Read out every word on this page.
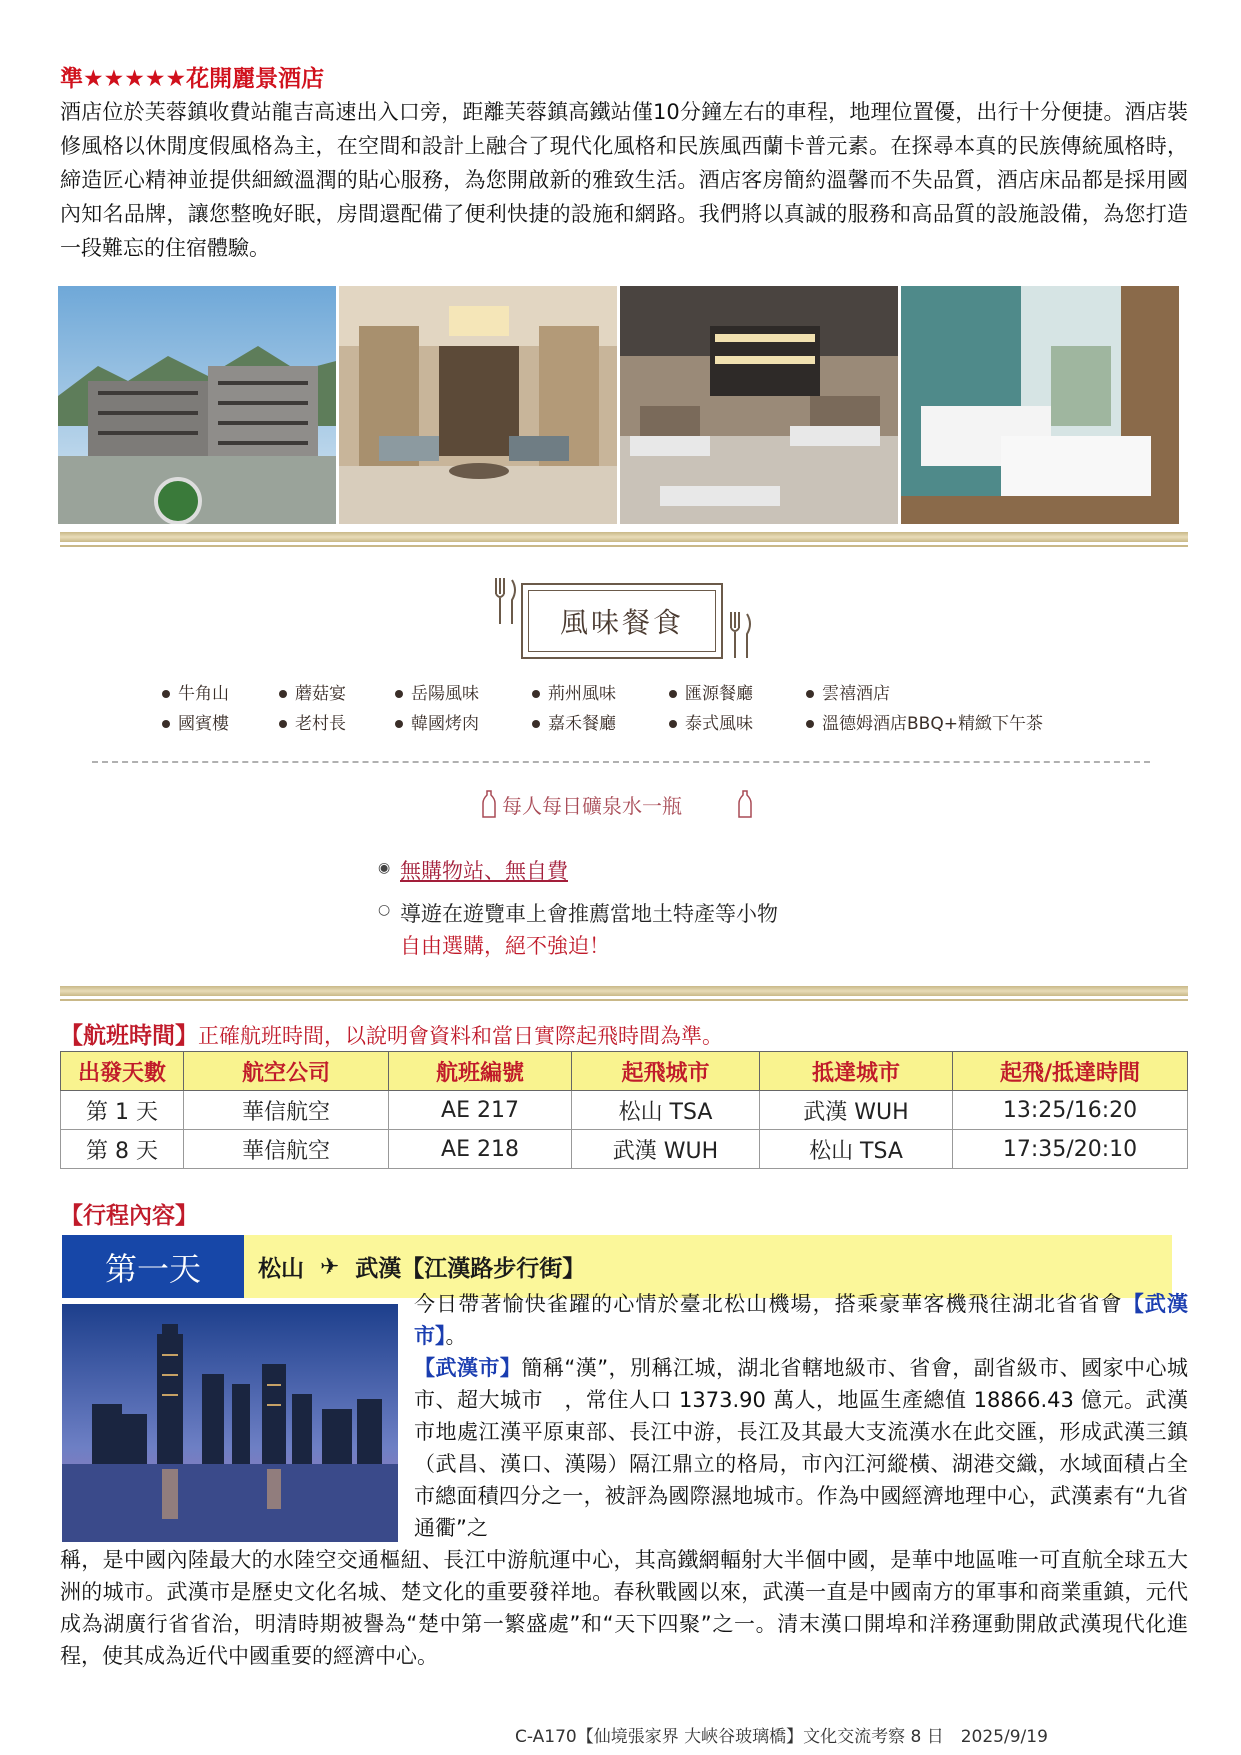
準★★★★★花開麗景酒店
酒店位於芙蓉鎮收費站龍吉高速出入口旁，距離芙蓉鎮高鐵站僅10分鐘左右的車程，地理位置優，出行十分便捷。酒店裝修風格以休閒度假風格為主，在空間和設計上融合了現代化風格和民族風西蘭卡普元素。在探尋本真的民族傳統風格時，締造匠心精神並提供細緻溫潤的貼心服務，為您開啟新的雅致生活。酒店客房簡約溫馨而不失品質，酒店床品都是採用國內知名品牌，讓您整晚好眠，房間還配備了便利快捷的設施和網路。我們將以真誠的服務和高品質的設施設備，為您打造一段難忘的住宿體驗。
風味餐食
牛角山	蘑菇宴	岳陽風味	荊州風味	匯源餐廳	雲禧酒店
國賓樓	老村長	韓國烤肉	嘉禾餐廳	泰式風味	溫德姆酒店BBQ+精緻下午茶
每人每日礦泉水一瓶
◉ 無購物站、無自費
○ 導遊在遊覽車上會推薦當地土特產等小物
自由選購，絕不強迫！
【航班時間】正確航班時間，以說明會資料和當日實際起飛時間為準。
出發天數	航空公司	航班編號	起飛城市	抵達城市	起飛/抵達時間
第 1 天	華信航空	AE 217	松山 TSA	武漢 WUH	13:25/16:20
第 8 天	華信航空	AE 218	武漢 WUH	松山 TSA	17:35/20:10
【行程內容】
第一天	松山 ✈ 武漢【江漢路步行街】
今日帶著愉快雀躍的心情於臺北松山機場，搭乘豪華客機飛往湖北省省會【武漢市】。
【武漢市】簡稱“漢”，別稱江城，湖北省轄地級市、省會，副省級市、國家中心城市、超大城市　，常住人口 1373.90 萬人，地區生產總值 18866.43 億元。武漢市地處江漢平原東部、長江中游，長江及其最大支流漢水在此交匯，形成武漢三鎮（武昌、漢口、漢陽）隔江鼎立的格局，市內江河縱橫、湖港交織，水域面積占全市總面積四分之一，被評為國際濕地城市。作為中國經濟地理中心，武漢素有“九省通衢”之
稱，是中國內陸最大的水陸空交通樞紐、長江中游航運中心，其高鐵網輻射大半個中國，是華中地區唯一可直航全球五大洲的城市。武漢市是歷史文化名城、楚文化的重要發祥地。春秋戰國以來，武漢一直是中國南方的軍事和商業重鎮，元代成為湖廣行省省治，明清時期被譽為“楚中第一繁盛處”和“天下四聚”之一。清末漢口開埠和洋務運動開啟武漢現代化進程，使其成為近代中國重要的經濟中心。
C-A170【仙境張家界 大峽谷玻璃橋】文化交流考察 8 日　2025/9/19
